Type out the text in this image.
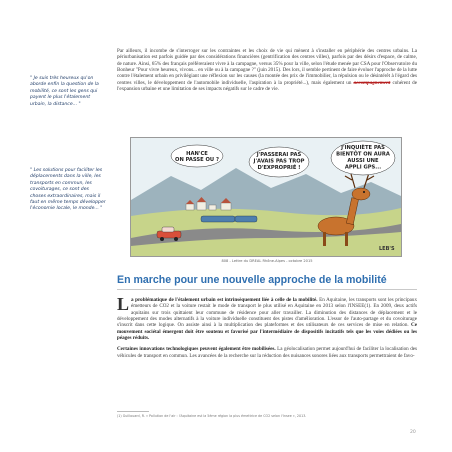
" Je suis très heureux qu'on aborde enfin la question de la mobilité, ce sont les gens qui payent le plus l'étalement urbain, la distance... "
" Les solutions pour faciliter les déplacements dans la ville, les transports en commun, les covoiturages, ce sont des choses extraordinaires, mais il faut en même temps développer l'économie locale, le monde... "

Par ailleurs, il incombe de s'interroger sur les contraintes et les choix de vie qui mènent à s'installer en périphérie des centres urbains. La périurbanisation est parfois guidée par des considérations financières (gentrification des centres villes), parfois par des désirs d'espace, de calme, de nature. Ainsi, 65% des français préféreraient vivre à la campagne, versus 35% pour la ville, selon l'étude menée par CSA pour l'Observatoire du Bonheur "Pour vivre heureux, vivons... en ville ou à la campagne ?" (juin 2015). Des lors, il semble pertinent de faire évoluer l'approche de la lutte contre l'étalement urbain en privilégiant une réflexion sur les causes (la montée des prix de l'immobilier, la répulsion ou le désintérêt à l'égard des centres villes, le développement de l'automobile individuelle, l'aspiration à la propriété...), mais également un accompagnement cohérent de l'expansion urbaine et une limitation de ses impacts négatifs sur le cadre de vie.

HAN'CE
ON PASSE OU ?
J'PASSERAI PAS
J'AVAIS PAS TROP
D'EXPROPRIÉ !
J'INQUIÈTE PAS
BIENTÔT ON AURA
AUSSI UNE
APPLI GPS...
LEB'S
808 - Lettre du DREAL Rhône-Alpes - octobre 2015
En marche pour une nouvelle approche de la mobilité

L a problématique de l'étalement urbain est intrinsèquement liée à celle de la mobilité. En Aquitaine, les transports sont les principaux émetteurs de CO2 et la voiture restait le mode de transport le plus utilisé en Aquitaine en 2013 selon l'INSEE(1). En 2009, deux actifs aquitains sur trois quittaient leur commune de résidence pour aller travailler. La diminution des distances de déplacement et le développement des modes alternatifs à la voiture individuelle constituent des pistes d'amélioration. L'essor de l'auto-partage et du covoiturage s'inscrit dans cette logique. On assiste ainsi à la multiplication des plateformes et des utilisateurs de ces services de mise en relation. Ce mouvement sociétal émergent doit être soutenu et favorisé par l'intermédiaire de dispositifs incitatifs tels que les voies dédiées ou les péages réduits.

Certaines innovations technologiques peuvent également être mobilisées. La géolocalisation permet aujourd'hui de faciliter la localisation des véhicules de transport en commun. Les avancées de la recherche sur la réduction des nuisances sonores liées aux transports permettraient de favo-

(1) Guillouard, R. « Pollution de l'air : l'Aquitaine est la 5ème région la plus émettrice de CO2 selon l'Insee », 2013.
20
